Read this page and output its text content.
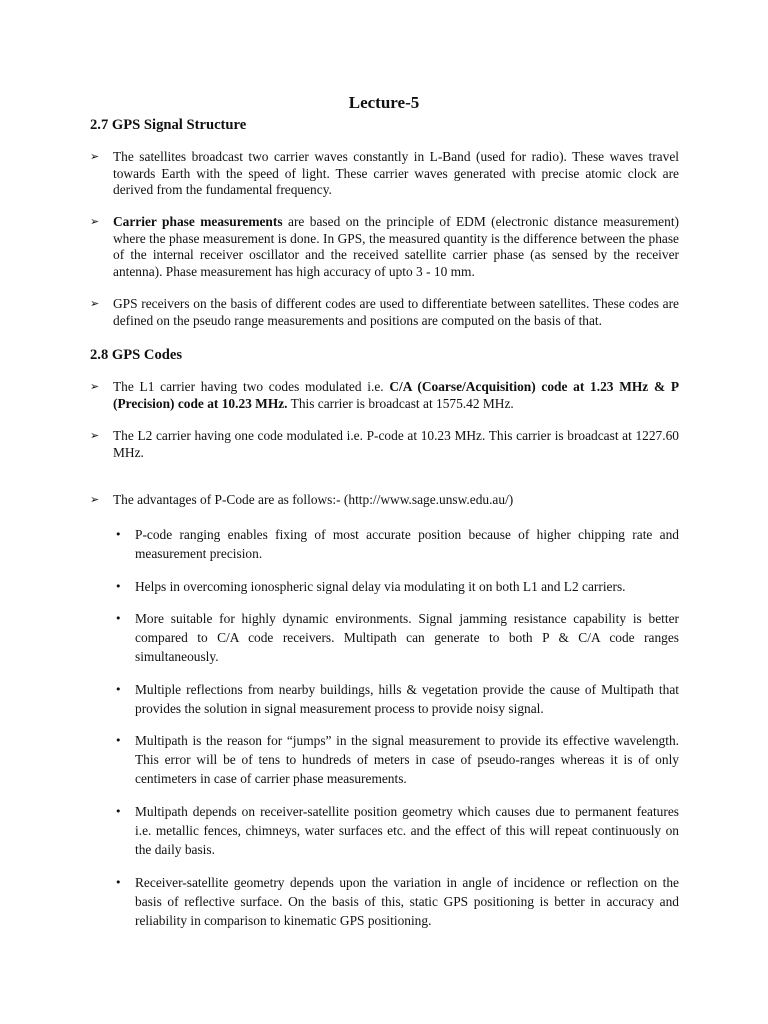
Lecture-5
2.7 GPS Signal Structure
➢	The satellites broadcast two carrier waves constantly in L-Band (used for radio). These waves travel towards Earth with the speed of light. These carrier waves generated with precise atomic clock are derived from the fundamental frequency.
➢	Carrier phase measurements are based on the principle of EDM (electronic distance measurement) where the phase measurement is done. In GPS, the measured quantity is the difference between the phase of the internal receiver oscillator and the received satellite carrier phase (as sensed by the receiver antenna). Phase measurement has high accuracy of upto 3 - 10 mm.
➢	GPS receivers on the basis of different codes are used to differentiate between satellites. These codes are defined on the pseudo range measurements and positions are computed on the basis of that.
2.8 GPS Codes
➢	The L1 carrier having two codes modulated i.e. C/A (Coarse/Acquisition) code at 1.23 MHz & P (Precision) code at 10.23 MHz. This carrier is broadcast at 1575.42 MHz.
➢	The L2 carrier having one code modulated i.e. P-code at 10.23 MHz. This carrier is broadcast at 1227.60 MHz.
➢	The advantages of P-Code are as follows:- (http://www.sage.unsw.edu.au/)
•	P-code ranging enables fixing of most accurate position because of higher chipping rate and measurement precision.
•	Helps in overcoming ionospheric signal delay via modulating it on both L1 and L2 carriers.
•	More suitable for highly dynamic environments. Signal jamming resistance capability is better compared to C/A code receivers. Multipath can generate to both P & C/A code ranges simultaneously.
•	Multiple reflections from nearby buildings, hills & vegetation provide the cause of Multipath that provides the solution in signal measurement process to provide noisy signal.
•	Multipath is the reason for “jumps” in the signal measurement to provide its effective wavelength. This error will be of tens to hundreds of meters in case of pseudo-ranges whereas it is of only centimeters in case of carrier phase measurements.
•	Multipath depends on receiver-satellite position geometry which causes due to permanent features i.e. metallic fences, chimneys, water surfaces etc. and the effect of this will repeat continuously on the daily basis.
•	Receiver-satellite geometry depends upon the variation in angle of incidence or reflection on the basis of reflective surface. On the basis of this, static GPS positioning is better in accuracy and reliability in comparison to kinematic GPS positioning.
